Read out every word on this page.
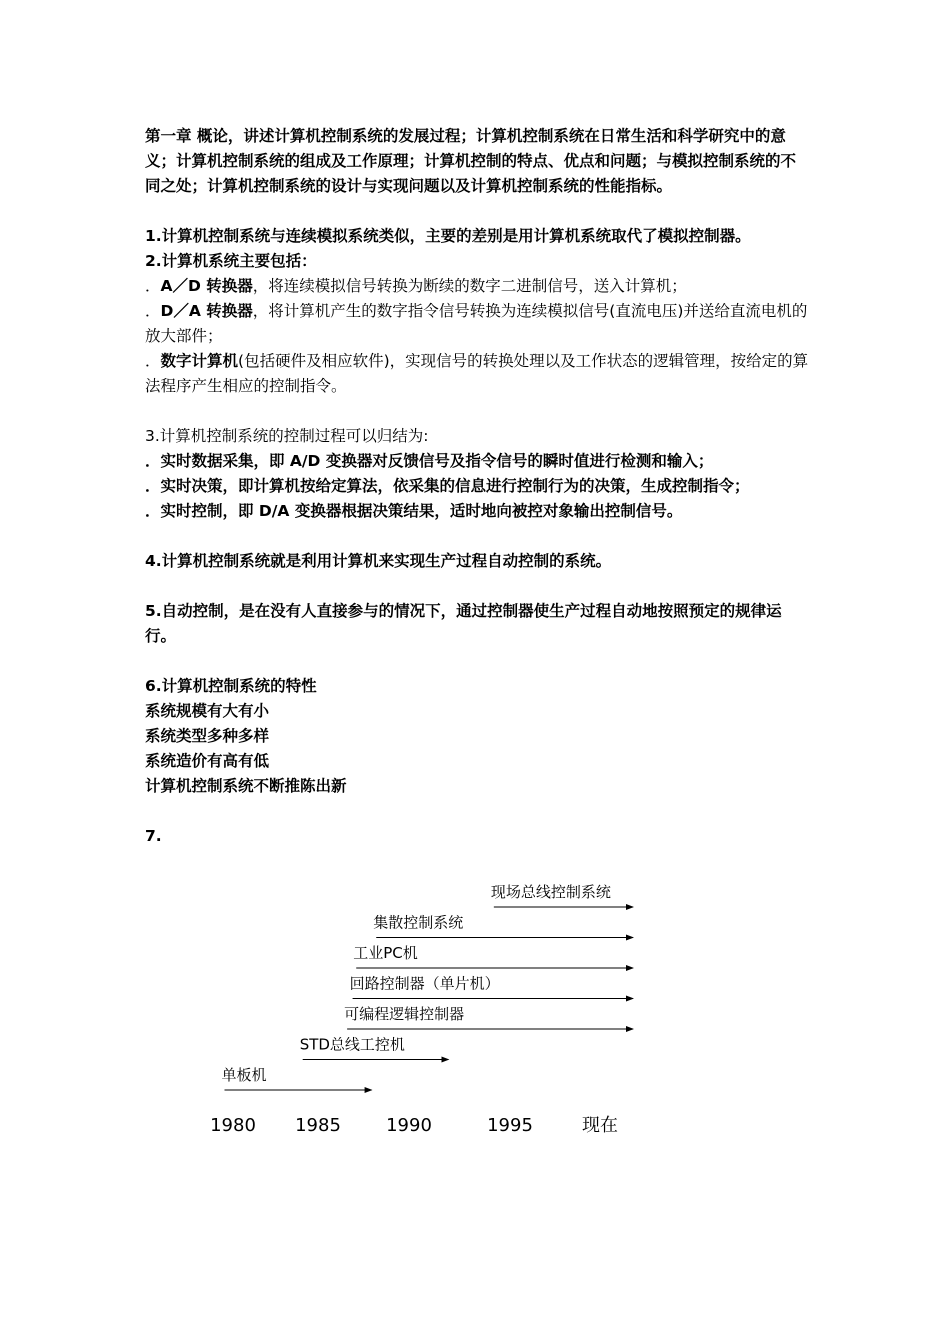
第一章 概论，讲述计算机控制系统的发展过程；计算机控制系统在日常生活和科学研究中的意义；计算机控制系统的组成及工作原理；计算机控制的特点、优点和问题；与模拟控制系统的不同之处；计算机控制系统的设计与实现问题以及计算机控制系统的性能指标。

1.计算机控制系统与连续模拟系统类似，主要的差别是用计算机系统取代了模拟控制器。

2.计算机系统主要包括：

．A／D 转换器，将连续模拟信号转换为断续的数字二进制信号，送入计算机；

．D／A 转换器，将计算机产生的数字指令信号转换为连续模拟信号(直流电压)并送给直流电机的放大部件；

．数字计算机(包括硬件及相应软件)，实现信号的转换处理以及工作状态的逻辑管理，按给定的算法程序产生相应的控制指令。

3.计算机控制系统的控制过程可以归结为:

．实时数据采集，即 A/D 变换器对反馈信号及指令信号的瞬时值进行检测和输入；

．实时决策，即计算机按给定算法，依采集的信息进行控制行为的决策，生成控制指令；

．实时控制，即 D/A 变换器根据决策结果，适时地向被控对象输出控制信号。

4.计算机控制系统就是利用计算机来实现生产过程自动控制的系统。

5.自动控制，是在没有人直接参与的情况下，通过控制器使生产过程自动地按照预定的规律运行。

6.计算机控制系统的特性

系统规模有大有小

系统类型多种多样

系统造价有高有低

计算机控制系统不断推陈出新

7.

现场总线控制系统
集散控制系统
工业PC机
回路控制器（单片机）
可编程逻辑控制器
STD总线工控机
单板机
1980 1985	1990	1995	现在
